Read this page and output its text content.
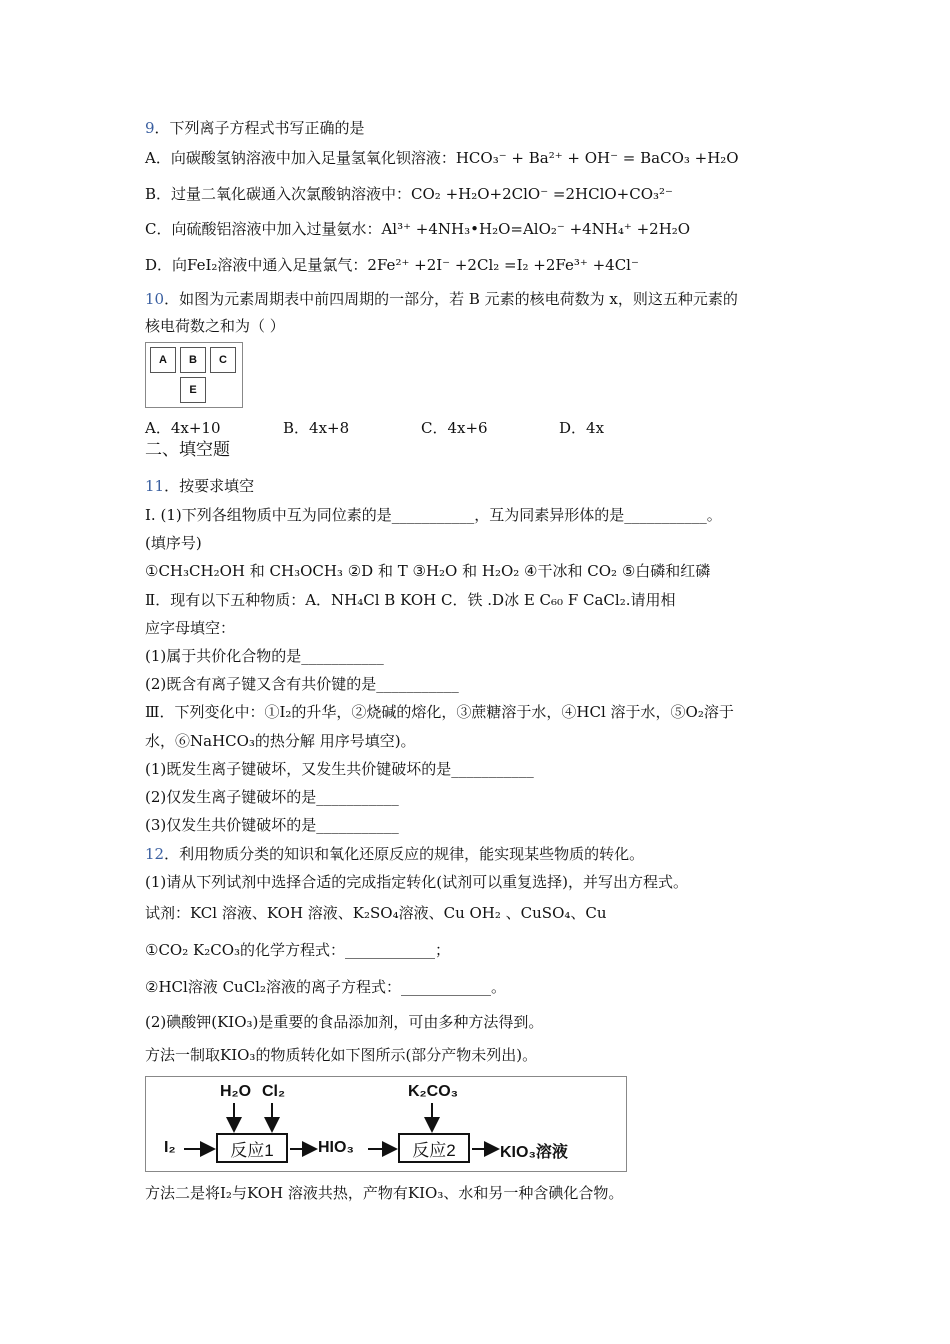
9．下列离子方程式书写正确的是
A．向碳酸氢钠溶液中加入足量氢氧化钡溶液：HCO₃⁻ + Ba²⁺ + OH⁻ = BaCO₃ +H₂O
B．过量二氧化碳通入次氯酸钠溶液中：CO₂ +H₂O+2ClO⁻ =2HClO+CO₃²⁻
C．向硫酸铝溶液中加入过量氨水：Al³⁺ +4NH₃•H₂O=AlO₂⁻ +4NH₄⁺ +2H₂O
D．向FeI₂溶液中通入足量氯气：2Fe²⁺ +2I⁻ +2Cl₂ =I₂ +2Fe³⁺ +4Cl⁻
10．如图为元素周期表中前四周期的一部分，若 B 元素的核电荷数为 x，则这五种元素的
核电荷数之和为（ ）
A	B	C
E
A．4x+10	B．4x+8	C．4x+6	D．4x
二、填空题
11．按要求填空
Ⅰ. (1)下列各组物质中互为同位素的是___________，互为同素异形体的是___________。
(填序号)
①CH₃CH₂OH 和 CH₃OCH₃ ②D 和 T ③H₂O 和 H₂O₂ ④干冰和 CO₂ ⑤白磷和红磷
Ⅱ．现有以下五种物质：A．NH₄Cl B KOH C．铁 .D冰 E C₆₀ F CaCl₂.请用相
应字母填空：
(1)属于共价化合物的是___________
(2)既含有离子键又含有共价键的是___________
Ⅲ．下列变化中：①I₂的升华，②烧碱的熔化，③蔗糖溶于水，④HCl 溶于水，⑤O₂溶于
水，⑥NaHCO₃的热分解 用序号填空)。
(1)既发生离子键破坏，又发生共价键破坏的是___________
(2)仅发生离子键破坏的是___________
(3)仅发生共价键破坏的是___________
12．利用物质分类的知识和氧化还原反应的规律，能实现某些物质的转化。
(1)请从下列试剂中选择合适的完成指定转化(试剂可以重复选择)，并写出方程式。
试剂：KCl 溶液、KOH 溶液、K₂SO₄溶液、Cu OH₂ 、CuSO₄、Cu
①CO₂ K₂CO₃的化学方程式：____________；
②HCl溶液 CuCl₂溶液的离子方程式：____________。
(2)碘酸钾(KIO₃)是重要的食品添加剂，可由多种方法得到。
方法一制取KIO₃的物质转化如下图所示(部分产物未列出)。
H₂O Cl₂	K₂CO₃
I₂	反应1	HIO₃	反应2	KIO₃溶液
方法二是将I₂与KOH 溶液共热，产物有KIO₃、水和另一种含碘化合物。
